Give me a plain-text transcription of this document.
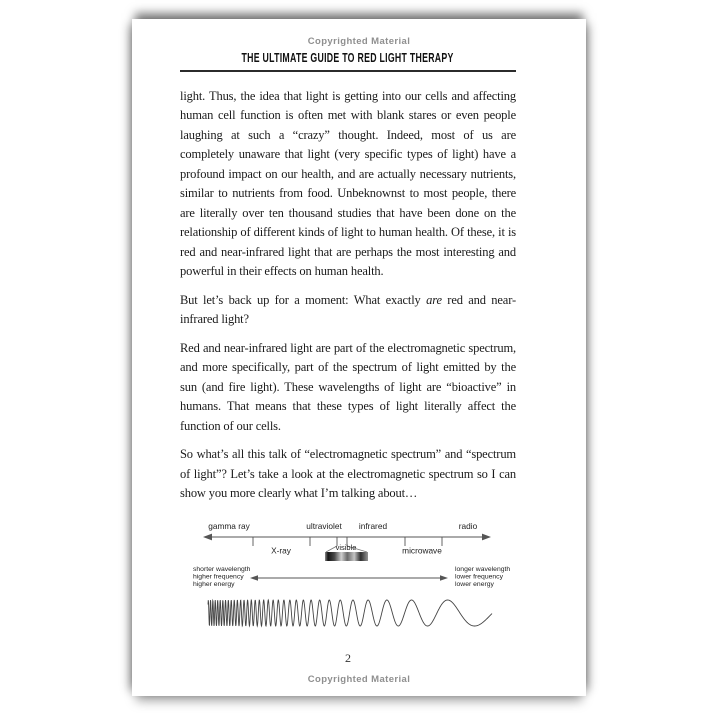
Copyrighted Material
THE ULTIMATE GUIDE TO RED LIGHT THERAPY
light. Thus, the idea that light is getting into our cells and affecting human cell function is often met with blank stares or even people laughing at such a “crazy” thought. Indeed, most of us are completely unaware that light (very specific types of light) have a profound impact on our health, and are actually necessary nutrients, similar to nutrients from food. Unbeknownst to most people, there are literally over ten thousand studies that have been done on the relationship of different kinds of light to human health. Of these, it is red and near-infrared light that are perhaps the most interesting and powerful in their effects on human health.
But let’s back up for a moment: What exactly are red and near-infrared light?
Red and near-infrared light are part of the electromagnetic spectrum, and more specifically, part of the spectrum of light emitted by the sun (and fire light). These wavelengths of light are “bioactive” in humans. That means that these types of light literally affect the function of our cells.
So what’s all this talk of “electromagnetic spectrum” and “spectrum of light”? Let’s take a look at the electromagnetic spectrum so I can show you more clearly what I’m talking about…
gamma ray	ultraviolet infrared	radio
X-ray	microwave
visible
shorter wavelength
higher frequency
higher energy
longer wavelength
lower frequency
lower energy
2
Copyrighted Material
